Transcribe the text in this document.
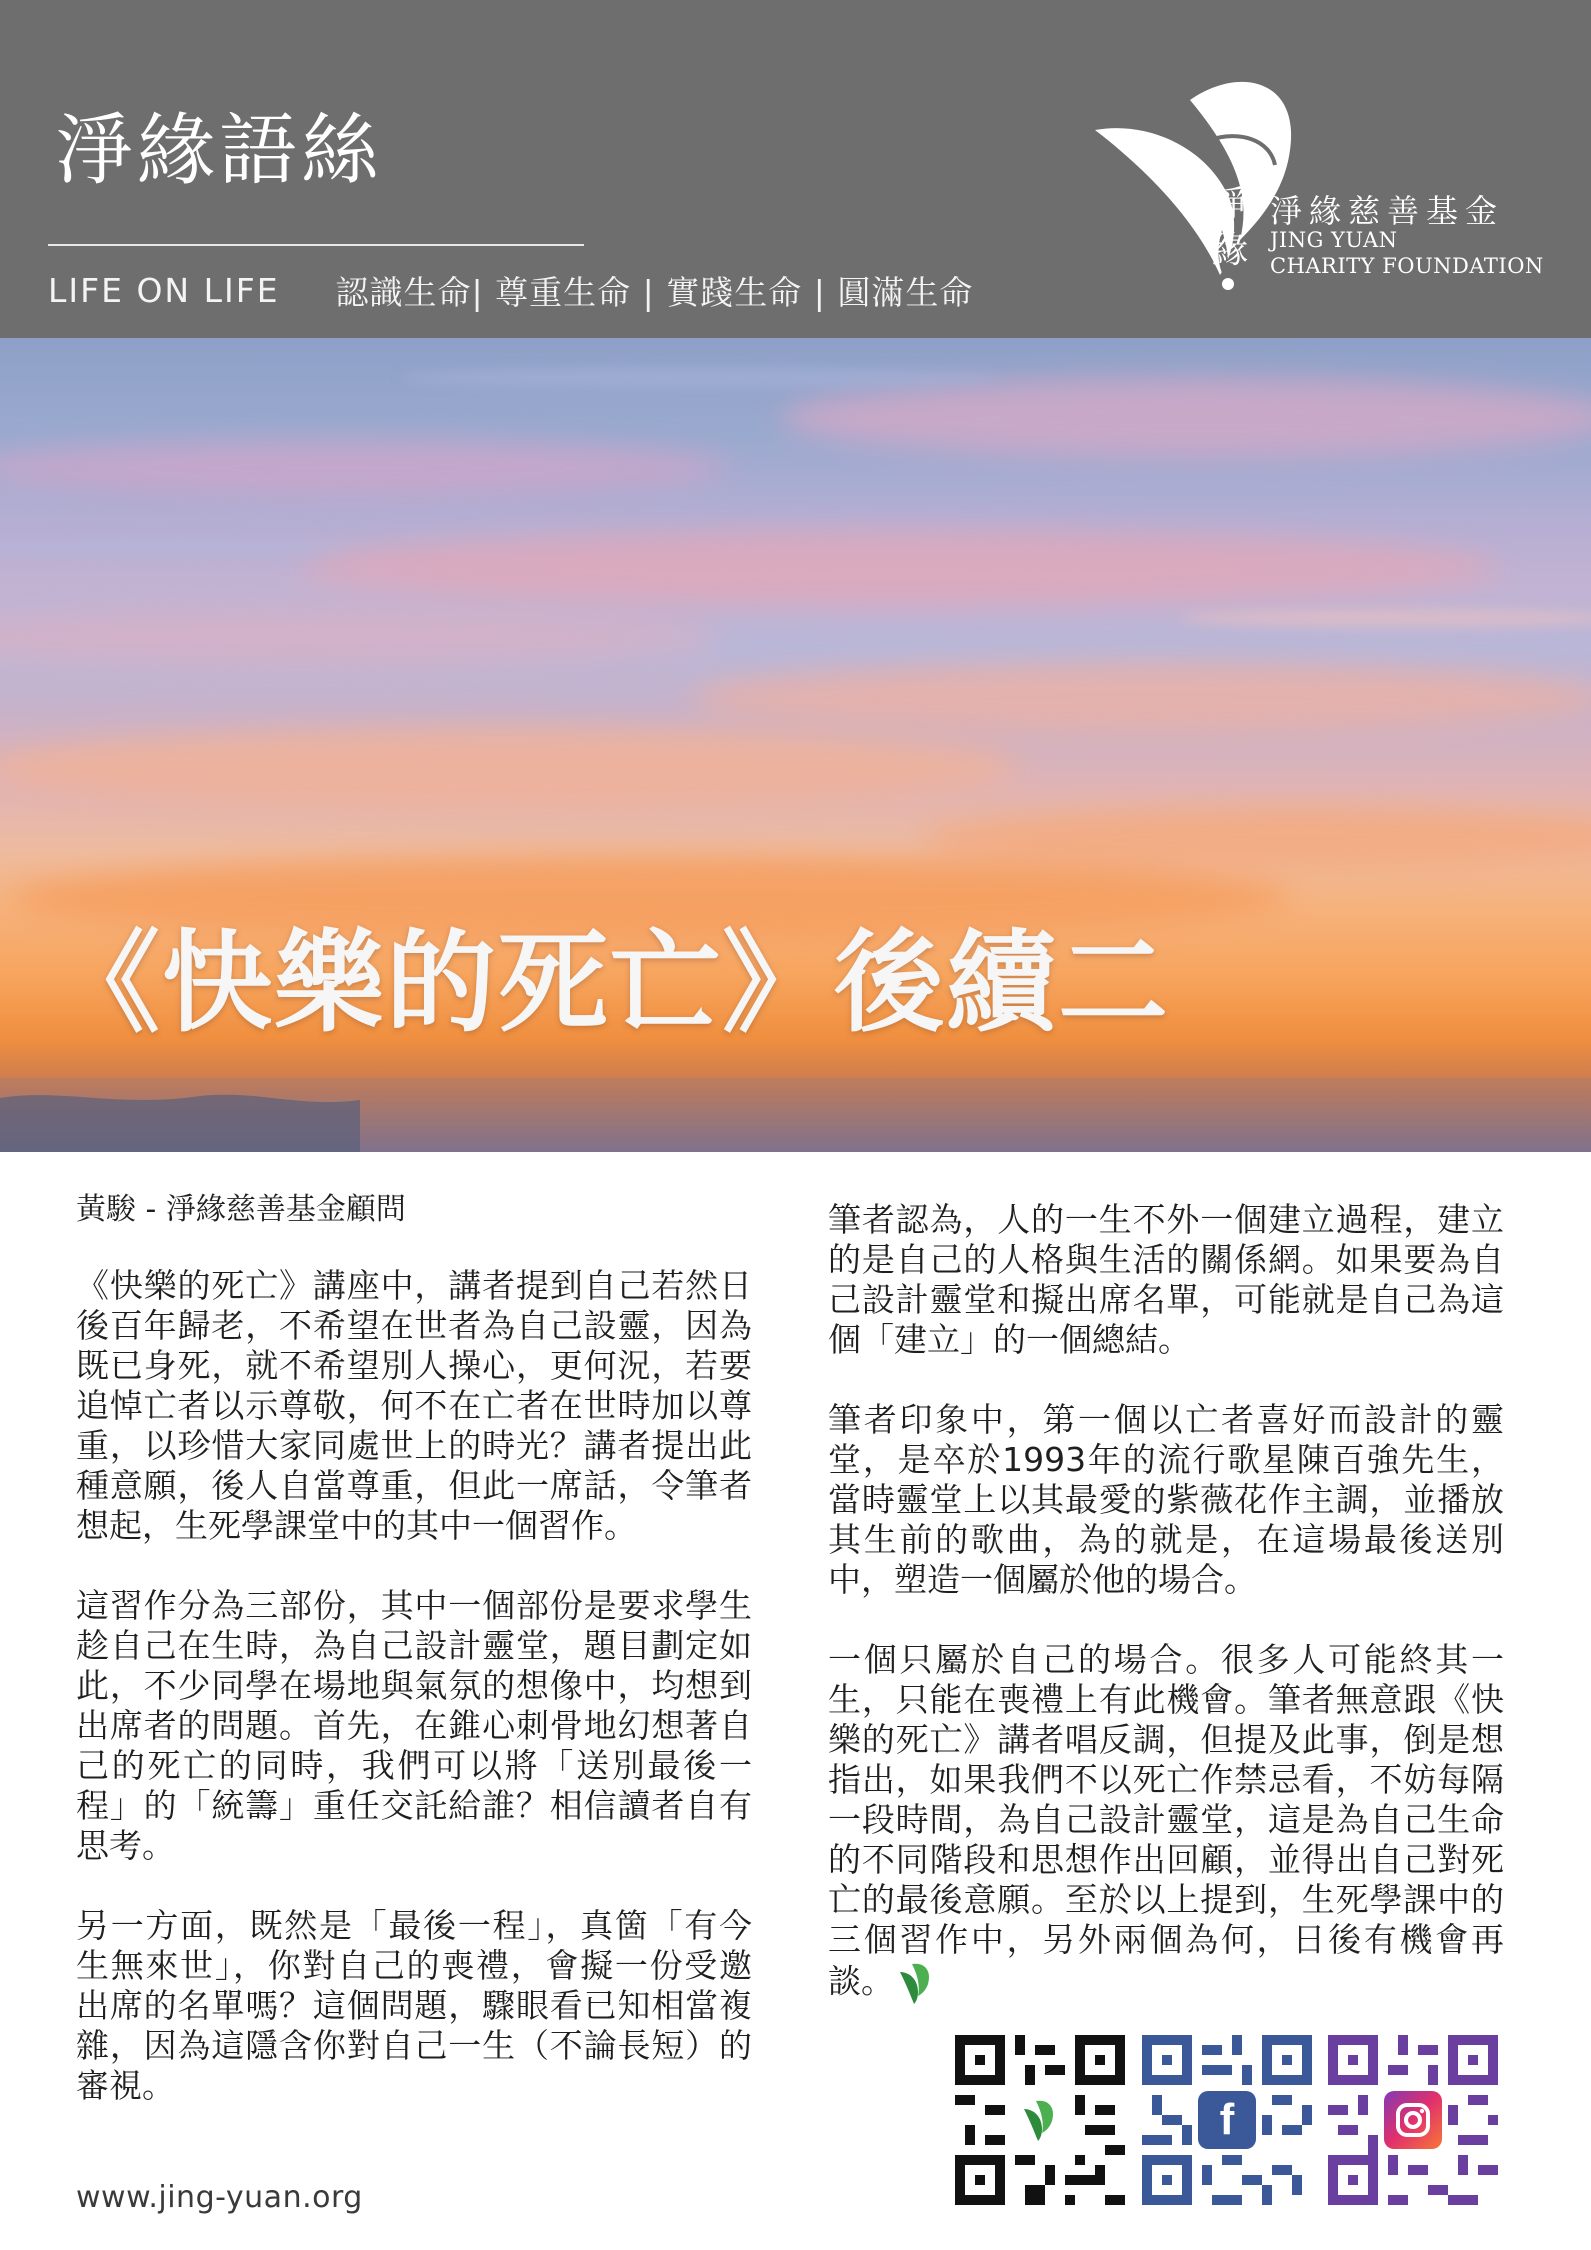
淨緣語絲
LIFE ON LIFE 認識生命| 尊重生命 | 實踐生命 | 圓滿生命
淨緣
淨緣慈善基金
JING YUAN
CHARITY FOUNDATION
《快樂的死亡》後續二

黃駿 - 淨緣慈善基金顧問

《快樂的死亡》講座中，講者提到自己若然日後百年歸老，不希望在世者為自己設靈，因為既已身死，就不希望別人操心，更何況，若要追悼亡者以示尊敬，何不在亡者在世時加以尊重，以珍惜大家同處世上的時光？講者提出此種意願，後人自當尊重，但此一席話，令筆者想起，生死學課堂中的其中一個習作。

這習作分為三部份，其中一個部份是要求學生趁自己在生時，為自己設計靈堂，題目劃定如此，不少同學在場地與氣氛的想像中，均想到出席者的問題。首先，在錐心刺骨地幻想著自己的死亡的同時，我們可以將「送別最後一程」的「統籌」重任交託給誰？相信讀者自有思考。

另一方面，既然是「最後一程」，真箇「有今生無來世」，你對自己的喪禮，會擬一份受邀出席的名單嗎？這個問題，驟眼看已知相當複雜，因為這隱含你對自己一生（不論長短）的審視。

筆者認為，人的一生不外一個建立過程，建立的是自己的人格與生活的關係網。如果要為自己設計靈堂和擬出席名單，可能就是自己為這個「建立」的一個總結。

筆者印象中，第一個以亡者喜好而設計的靈堂，是卒於1993年的流行歌星陳百強先生，當時靈堂上以其最愛的紫薇花作主調，並播放其生前的歌曲，為的就是，在這場最後送別中，塑造一個屬於他的場合。

一個只屬於自己的場合。很多人可能終其一生，只能在喪禮上有此機會。筆者無意跟《快樂的死亡》講者唱反調，但提及此事，倒是想指出，如果我們不以死亡作禁忌看，不妨每隔一段時間，為自己設計靈堂，這是為自己生命的不同階段和思想作出回顧，並得出自己對死亡的最後意願。至於以上提到，生死學課中的三個習作中，另外兩個為何，日後有機會再談。

www.jing-yuan.org
f
